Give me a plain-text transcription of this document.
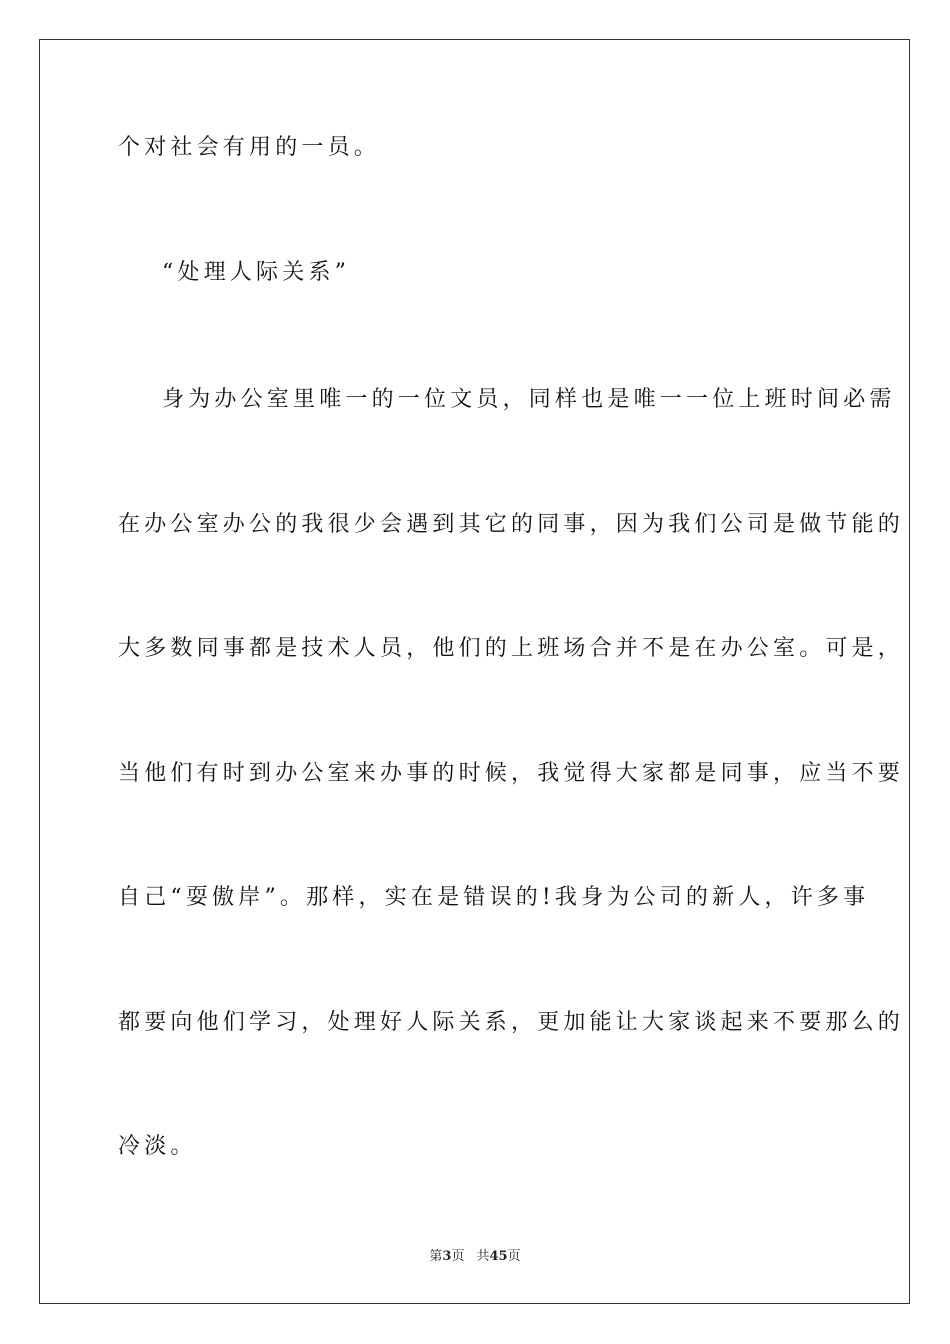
个对社会有用的一员。
“处理人际关系”
身为办公室里唯一的一位文员，同样也是唯一一位上班时间必需
在办公室办公的我很少会遇到其它的同事，因为我们公司是做节能的
大多数同事都是技术人员，他们的上班场合并不是在办公室。可是，
当他们有时到办公室来办事的时候，我觉得大家都是同事，应当不要
自己“耍傲岸”。那样，实在是错误的!我身为公司的新人，许多事
都要向他们学习，处理好人际关系，更加能让大家谈起来不要那么的
冷淡。
第3页 共45页
